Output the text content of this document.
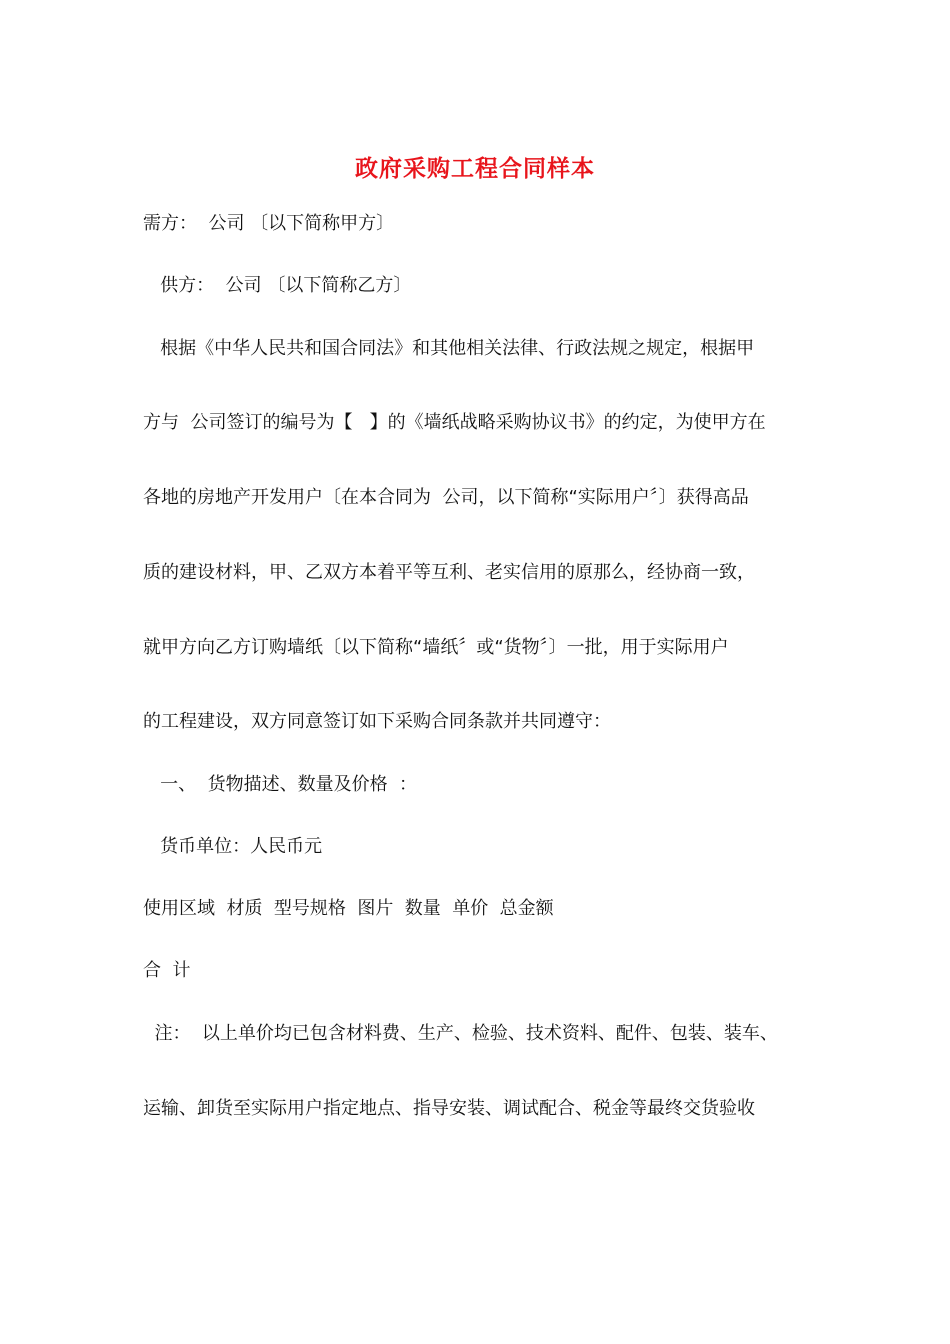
政府采购工程合同样本
需方：  公司 〔以下简称甲方〕
供方：  公司 〔以下简称乙方〕
根据《中华人民共和国合同法》和其他相关法律、行政法规之规定，根据甲
方与  公司签订的编号为【   】的《墙纸战略采购协议书》的约定，为使甲方在
各地的房地产开发用户〔在本合同为  公司，以下简称“实际用户〞〕获得高品
质的建设材料，甲、乙双方本着平等互利、老实信用的原那么，经协商一致，
就甲方向乙方订购墙纸〔以下简称“墙纸〞或“货物〞〕一批，用于实际用户
的工程建设，双方同意签订如下采购合同条款并共同遵守：
一、  货物描述、数量及价格  ：
货币单位：人民币元
使用区域  材质  型号规格  图片  数量  单价  总金额
合  计
注：  以上单价均已包含材料费、生产、检验、技术资料、配件、包装、装车、
运输、卸货至实际用户指定地点、指导安装、调试配合、税金等最终交货验收
